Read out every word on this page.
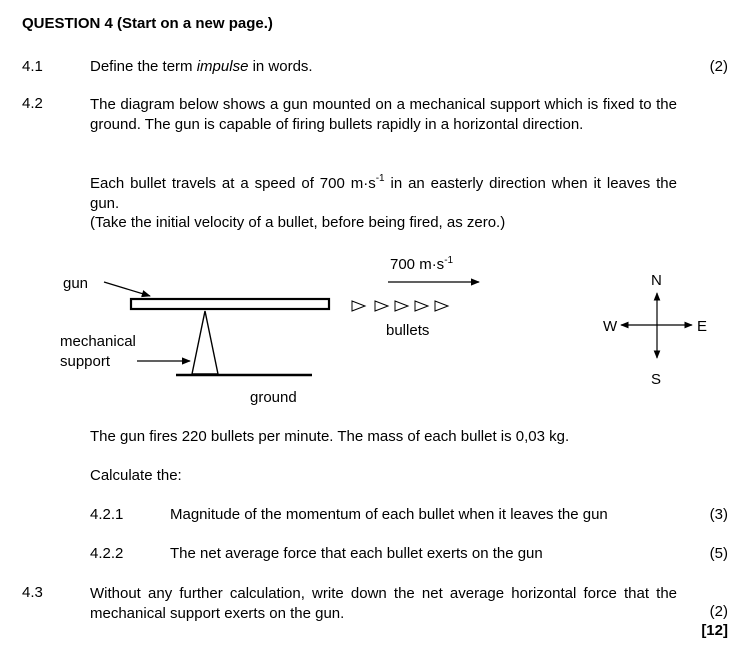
QUESTION 4 (Start on a new page.)
4.1	Define the term impulse in words.	(2)
4.2	The diagram below shows a gun mounted on a mechanical support which is fixed to the ground. The gun is capable of firing bullets rapidly in a horizontal direction.

Each bullet travels at a speed of 700 $m\cdot s^{-1}$ in an easterly direction when it leaves the gun.

(Take the initial velocity of a bullet, before being fired, as zero.)

gun
ground
mechanical
support
700 $m\cdot s^{-1}$
bullets
N
W	E
S
The gun fires 220 bullets per minute. The mass of each bullet is 0,03 kg.
Calculate the:
4.2.1	Magnitude of the momentum of each bullet when it leaves the gun	(3)
4.2.2	The net average force that each bullet exerts on the gun	(5)
4.3	Without any further calculation, write down the net average horizontal force that the mechanical support exerts on the gun.	(2)
[12]
